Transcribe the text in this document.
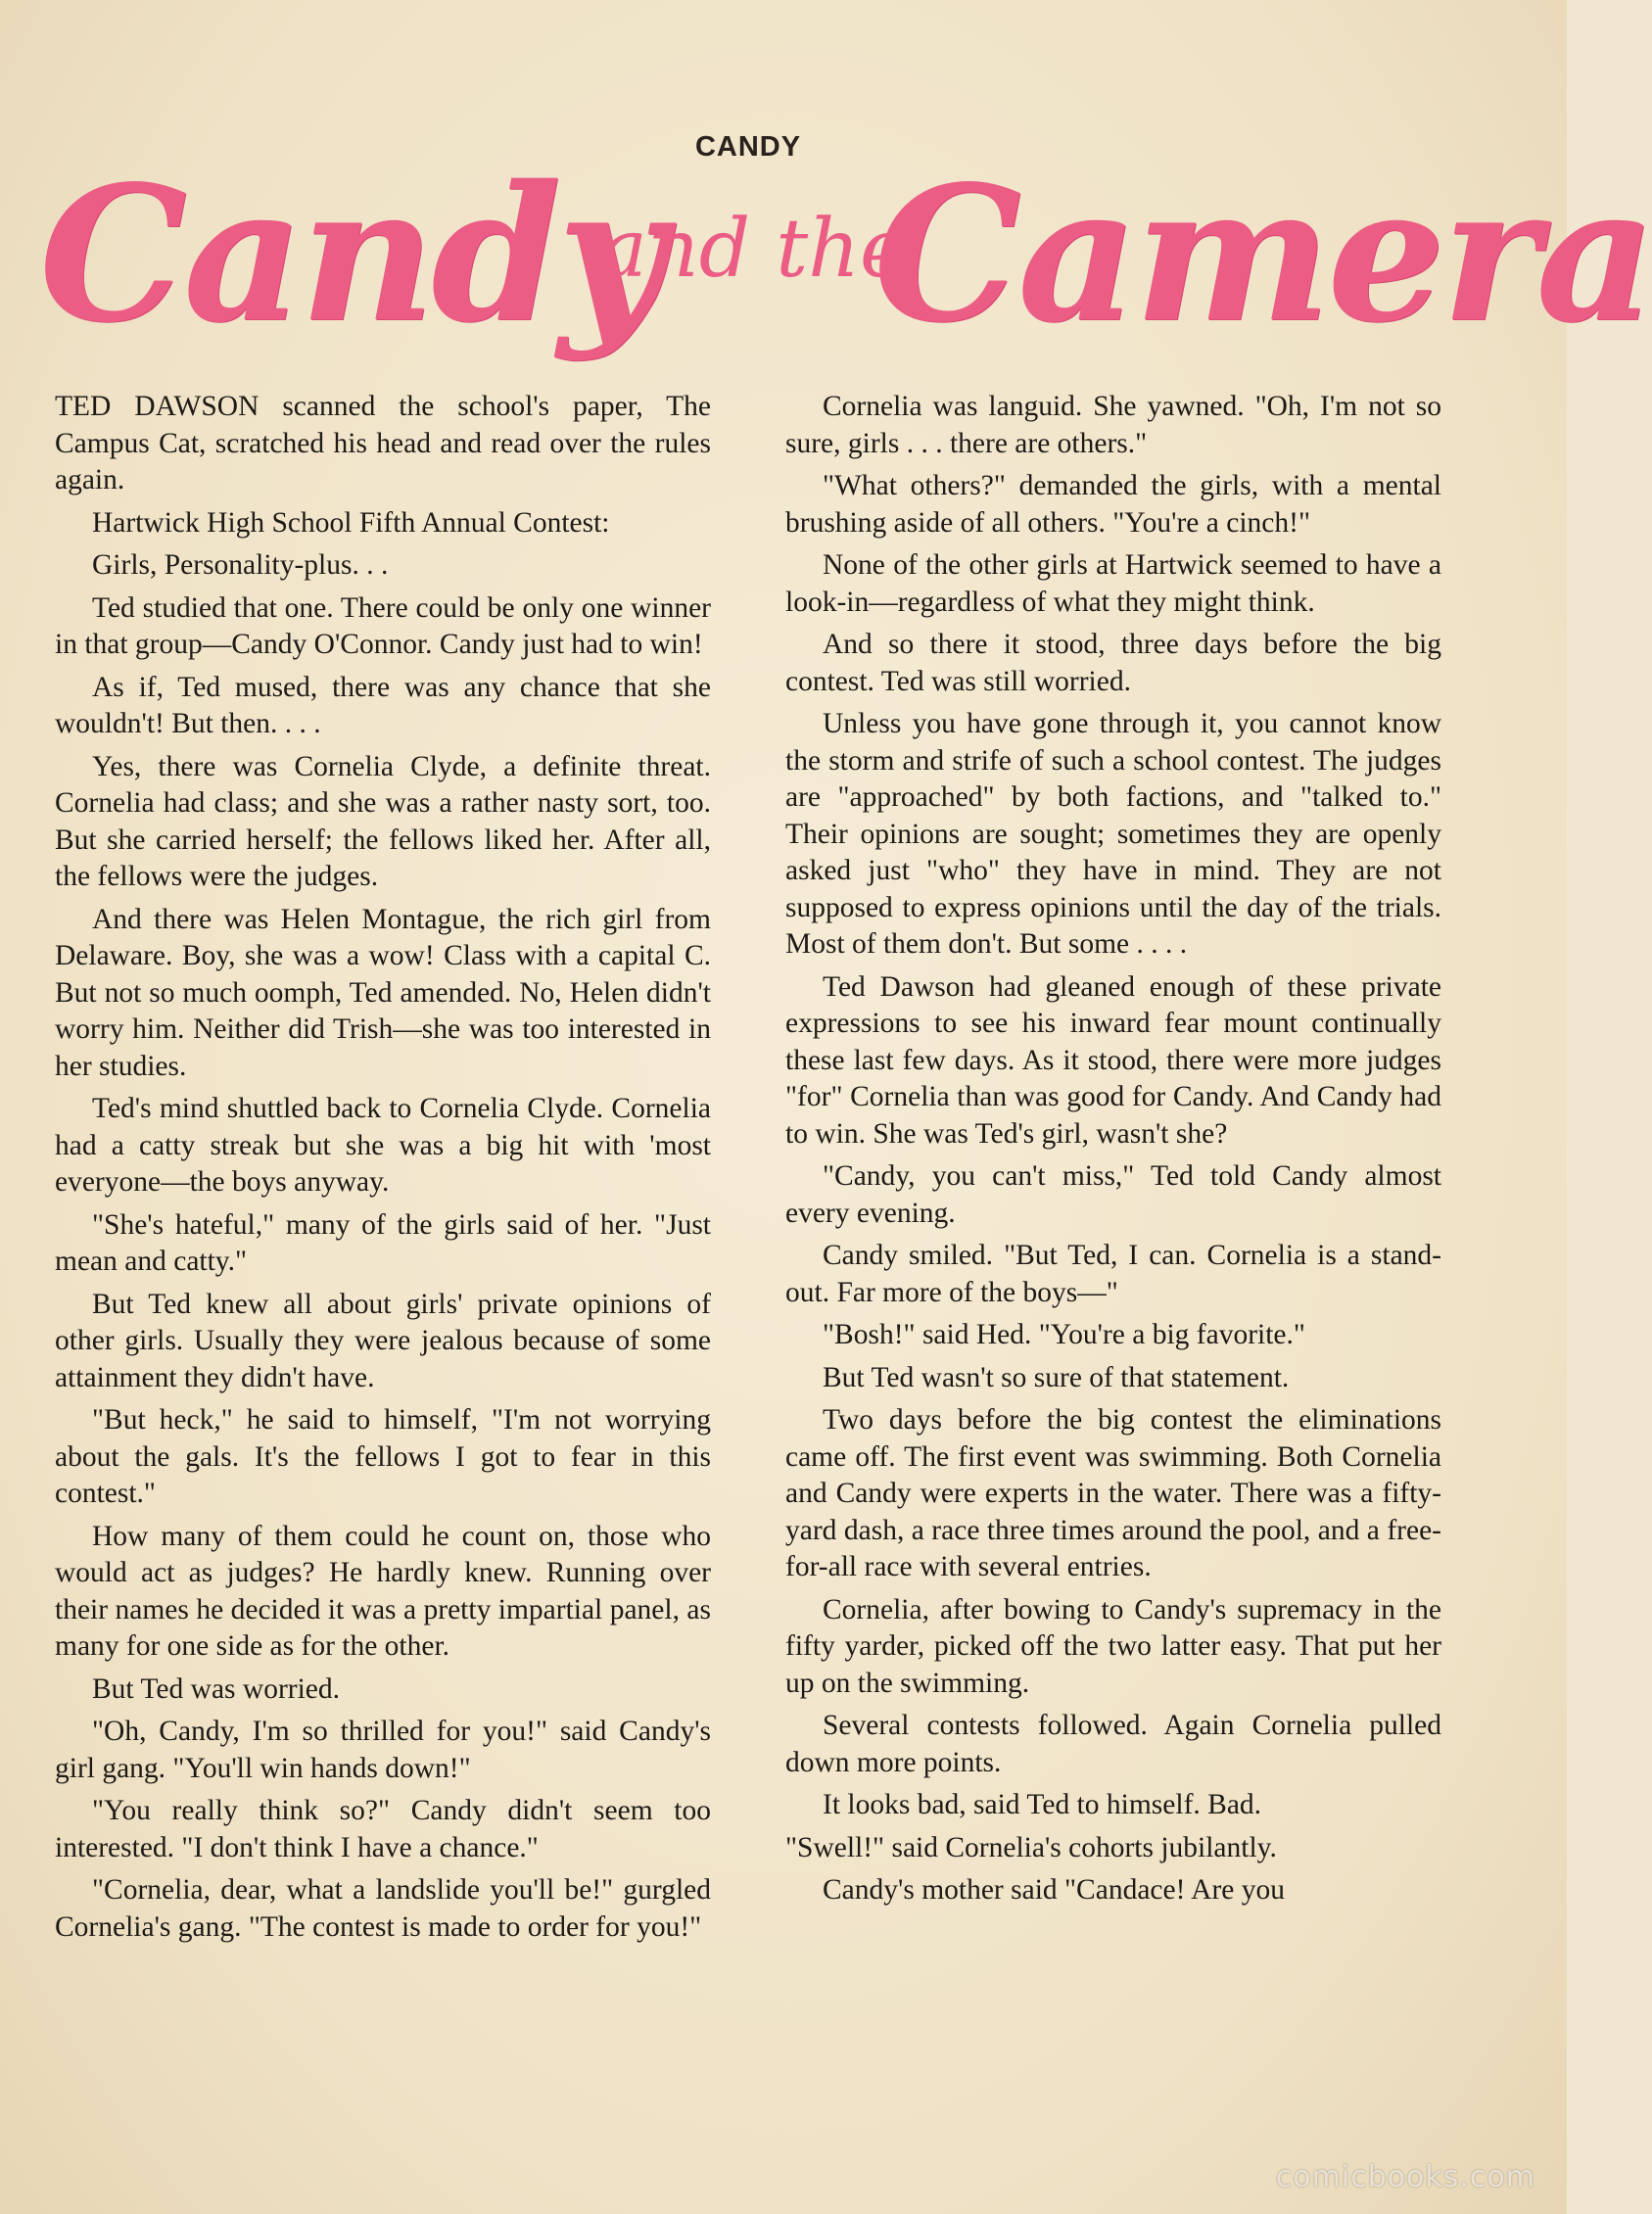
CANDY
Candy
and the
Camera

TED DAWSON scanned the school's paper, The Campus Cat, scratched his head and read over the rules again.

Hartwick High School Fifth Annual Contest:

Girls, Personality-plus. . .

Ted studied that one. There could be only one winner in that group—Candy O'Connor. Candy just had to win!

As if, Ted mused, there was any chance that she wouldn't! But then. . . .

Yes, there was Cornelia Clyde, a definite threat. Cornelia had class; and she was a rather nasty sort, too. But she carried herself; the fellows liked her. After all, the fellows were the judges.

And there was Helen Montague, the rich girl from Delaware. Boy, she was a wow! Class with a capital C. But not so much oomph, Ted amended. No, Helen didn't worry him. Neither did Trish—she was too interested in her studies.

Ted's mind shuttled back to Cornelia Clyde. Cornelia had a catty streak but she was a big hit with 'most everyone—the boys anyway.

"She's hateful," many of the girls said of her. "Just mean and catty."

But Ted knew all about girls' private opinions of other girls. Usually they were jealous because of some attainment they didn't have.

"But heck," he said to himself, "I'm not worrying about the gals. It's the fellows I got to fear in this contest."

How many of them could he count on, those who would act as judges? He hardly knew. Running over their names he decided it was a pretty impartial panel, as many for one side as for the other.

But Ted was worried.

"Oh, Candy, I'm so thrilled for you!" said Candy's girl gang. "You'll win hands down!"

"You really think so?" Candy didn't seem too interested. "I don't think I have a chance."

"Cornelia, dear, what a landslide you'll be!" gurgled Cornelia's gang. "The contest is made to order for you!"

Cornelia was languid. She yawned. "Oh, I'm not so sure, girls . . . there are others."

"What others?" demanded the girls, with a mental brushing aside of all others. "You're a cinch!"

None of the other girls at Hartwick seemed to have a look-in—regardless of what they might think.

And so there it stood, three days before the big contest. Ted was still worried.

Unless you have gone through it, you cannot know the storm and strife of such a school contest. The judges are "approached" by both factions, and "talked to." Their opinions are sought; sometimes they are openly asked just "who" they have in mind. They are not supposed to express opinions until the day of the trials. Most of them don't. But some . . . .

Ted Dawson had gleaned enough of these private expressions to see his inward fear mount continually these last few days. As it stood, there were more judges "for" Cornelia than was good for Candy. And Candy had to win. She was Ted's girl, wasn't she?

"Candy, you can't miss," Ted told Candy almost every evening.

Candy smiled. "But Ted, I can. Cornelia is a stand-out. Far more of the boys—"

"Bosh!" said Hed. "You're a big favorite."

But Ted wasn't so sure of that statement.

Two days before the big contest the eliminations came off. The first event was swimming. Both Cornelia and Candy were experts in the water. There was a fifty-yard dash, a race three times around the pool, and a free-for-all race with several entries.

Cornelia, after bowing to Candy's supremacy in the fifty yarder, picked off the two latter easy. That put her up on the swimming.

Several contests followed. Again Cornelia pulled down more points.

It looks bad, said Ted to himself. Bad.

"Swell!" said Cornelia's cohorts jubilantly.

Candy's mother said "Candace! Are you

comicbooks.com
